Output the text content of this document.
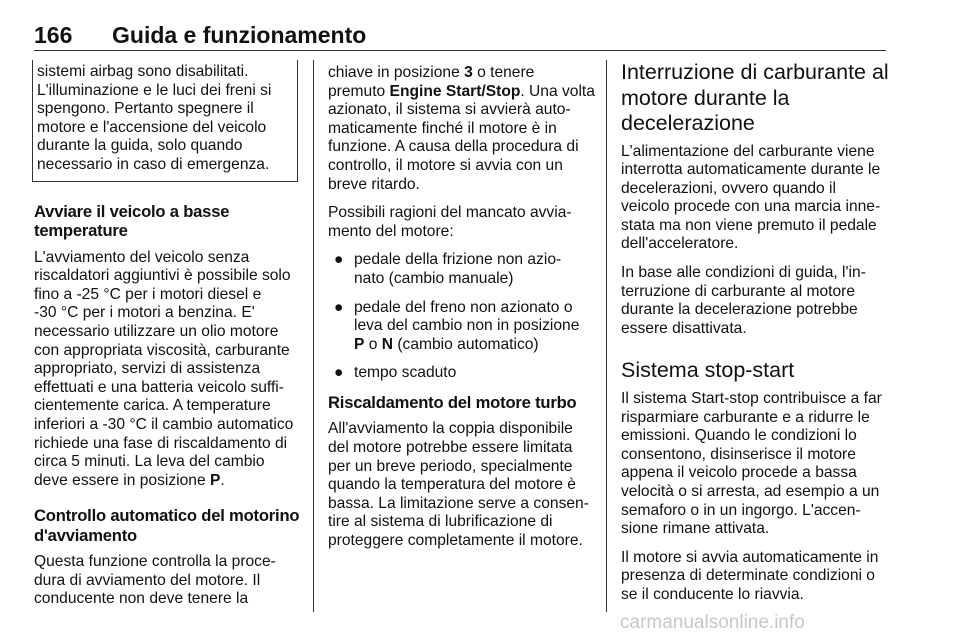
166 Guida e funzionamento
sistemi airbag sono disabilitati.
L'illuminazione e le luci dei freni si
spengono. Pertanto spegnere il
motore e l'accensione del veicolo
durante la guida, solo quando
necessario in caso di emergenza.
Avviare il veicolo a basse
temperature

L'avviamento del veicolo senza
riscaldatori aggiuntivi è possibile solo
fino a -25 °C per i motori diesel e
-30 °C per i motori a benzina. E'
necessario utilizzare un olio motore
con appropriata viscosità, carburante
appropriato, servizi di assistenza
effettuati e una batteria veicolo suffi-
cientemente carica. A temperature
inferiori a -30 °C il cambio automatico
richiede una fase di riscaldamento di
circa 5 minuti. La leva del cambio
deve essere in posizione P.

Controllo automatico del motorino
d'avviamento

Questa funzione controlla la proce-
dura di avviamento del motore. Il
conducente non deve tenere la

chiave in posizione 3 o tenere
premuto Engine Start/Stop. Una volta
azionato, il sistema si avvierà auto-
maticamente finché il motore è in
funzione. A causa della procedura di
controllo, il motore si avvia con un
breve ritardo.

Possibili ragioni del mancato avvia-
mento del motore:

● pedale della frizione non azio-
nato (cambio manuale)
● pedale del freno non azionato o
leva del cambio non in posizione
P o N (cambio automatico)
● tempo scaduto
Riscaldamento del motore turbo

All'avviamento la coppia disponibile
del motore potrebbe essere limitata
per un breve periodo, specialmente
quando la temperatura del motore è
bassa. La limitazione serve a consen-
tire al sistema di lubrificazione di
proteggere completamente il motore.

Interruzione di carburante al
motore durante la
decelerazione

L'alimentazione del carburante viene
interrotta automaticamente durante le
decelerazioni, ovvero quando il
veicolo procede con una marcia inne-
stata ma non viene premuto il pedale
dell'acceleratore.

In base alle condizioni di guida, l'in-
terruzione di carburante al motore
durante la decelerazione potrebbe
essere disattivata.

Sistema stop-start

Il sistema Start-stop contribuisce a far
risparmiare carburante e a ridurre le
emissioni. Quando le condizioni lo
consentono, disinserisce il motore
appena il veicolo procede a bassa
velocità o si arresta, ad esempio a un
semaforo o in un ingorgo. L'accen-
sione rimane attivata.

Il motore si avvia automaticamente in
presenza di determinate condizioni o
se il conducente lo riavvia.

carmanualsonline.info
